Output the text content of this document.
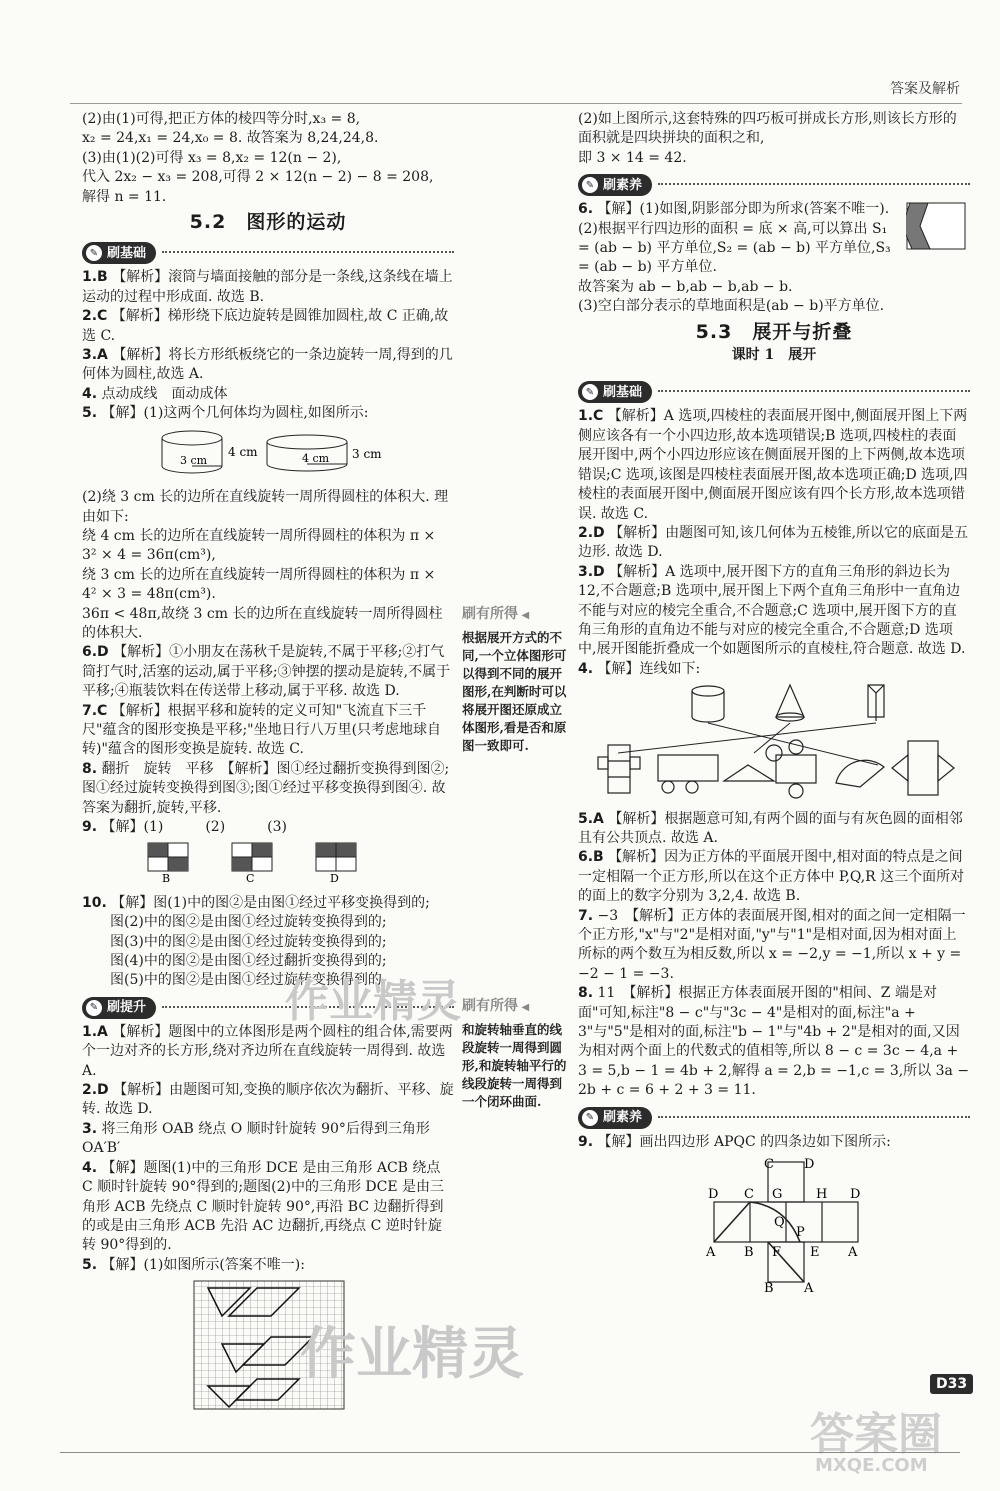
答案及解析

(2)由(1)可得,把正方体的棱四等分时,x₃ = 8,

x₂ = 24,x₁ = 24,x₀ = 8. 故答案为 8,24,24,8.

(3)由(1)(2)可得 x₃ = 8,x₂ = 12(n − 2),

代入 2x₂ − x₃ = 208,可得 2 × 12(n − 2) − 8 = 208,

解得 n = 11.

5.2　图形的运动
✎ 刷基础

1.B 【解析】滚筒与墙面接触的部分是一条线,这条线在墙上运动的过程中形成面. 故选 B.

2.C 【解析】梯形绕下底边旋转是圆锥加圆柱,故 C 正确,故选 C.

3.A 【解析】将长方形纸板绕它的一条边旋转一周,得到的几何体为圆柱,故选 A.

4. 点动成线　面动成体

5. 【解】(1)这两个几何体均为圆柱,如图所示:

3 cm
4 cm	4 cm 3 cm

(2)绕 3 cm 长的边所在直线旋转一周所得圆柱的体积大. 理由如下:

绕 4 cm 长的边所在直线旋转一周所得圆柱的体积为 π × 3² × 4 = 36π(cm³),

绕 3 cm 长的边所在直线旋转一周所得圆柱的体积为 π × 4² × 3 = 48π(cm³).

36π < 48π,故绕 3 cm 长的边所在直线旋转一周所得圆柱的体积大.

6.D 【解析】①小朋友在荡秋千是旋转,不属于平移;②打气筒打气时,活塞的运动,属于平移;③钟摆的摆动是旋转,不属于平移;④瓶装饮料在传送带上移动,属于平移. 故选 D.

7.C 【解析】根据平移和旋转的定义可知"飞流直下三千尺"蕴含的图形变换是平移;"坐地日行八万里(只考虑地球自转)"蕴含的图形变换是旋转. 故选 C.

8. 翻折　旋转　平移　【解析】图①经过翻折变换得到图②;图①经过旋转变换得到图③;图①经过平移变换得到图④. 故答案为翻折,旋转,平移.

9. 【解】(1)　　　(2)　　　(3)

B	C	D

10. 【解】图(1)中的图②是由图①经过平移变换得到的;

图(2)中的图②是由图①经过旋转变换得到的;

图(3)中的图②是由图①经过旋转变换得到的;

图(4)中的图②是由图①经过翻折变换得到的;

图(5)中的图②是由图①经过旋转变换得到的.

✎ 刷提升

1.A 【解析】题图中的立体图形是两个圆柱的组合体,需要两个一边对齐的长方形,绕对齐边所在直线旋转一周得到. 故选 A.

2.D 【解析】由题图可知,变换的顺序依次为翻折、平移、旋转. 故选 D.

3. 将三角形 OAB 绕点 O 顺时针旋转 90°后得到三角形 OA′B′

4. 【解】题图(1)中的三角形 DCE 是由三角形 ACB 绕点 C 顺时针旋转 90°得到的;题图(2)中的三角形 DCE 是由三角形 ACB 先绕点 C 顺时针旋转 90°,再沿 BC 边翻折得到的或是由三角形 ACB 先沿 AC 边翻折,再绕点 C 逆时针旋转 90°得到的.

5. 【解】(1)如图所示(答案不唯一):

刷有所得 ◀
根据展开方式的不同,一个立体图形可以得到不同的展开图形,在判断时可以将展开图还原成立体图形,看是否和原图一致即可.
刷有所得 ◀
和旋转轴垂直的线段旋转一周得到圆形,和旋转轴平行的线段旋转一周得到一个闭环曲面.

(2)如上图所示,这套特殊的四巧板可拼成长方形,则该长方形的面积就是四块拼块的面积之和,

即 3 × 14 = 42.

✎ 刷素养

6. 【解】(1)如图,阴影部分即为所求(答案不唯一).

(2)根据平行四边形的面积 = 底 × 高,可以算出 S₁ = (ab − b) 平方单位,S₂ = (ab − b) 平方单位,S₃ = (ab − b) 平方单位.

故答案为 ab − b,ab − b,ab − b.

(3)空白部分表示的草地面积是(ab − b)平方单位.

5.3　展开与折叠
课时 1　展开
✎ 刷基础

1.C 【解析】A 选项,四棱柱的表面展开图中,侧面展开图上下两侧应该各有一个小四边形,故本选项错误;B 选项,四棱柱的表面展开图中,两个小四边形应该在侧面展开图的上下两侧,故本选项错误;C 选项,该图是四棱柱表面展开图,故本选项正确;D 选项,四棱柱的表面展开图中,侧面展开图应该有四个长方形,故本选项错误. 故选 C.

2.D 【解析】由题图可知,该几何体为五棱锥,所以它的底面是五边形. 故选 D.

3.D 【解析】A 选项中,展开图下方的直角三角形的斜边长为 12,不合题意;B 选项中,展开图上下两个直角三角形中一直角边不能与对应的棱完全重合,不合题意;C 选项中,展开图下方的直角三角形的直角边不能与对应的棱完全重合,不合题意;D 选项中,展开图能折叠成一个如题图所示的直棱柱,符合题意. 故选 D.

4. 【解】连线如下:

5.A 【解析】根据题意可知,有两个圆的面与有灰色圆的面相邻且有公共顶点. 故选 A.

6.B 【解析】因为正方体的平面展开图中,相对面的特点是之间一定相隔一个正方形,所以在这个正方体中 P,Q,R 这三个面所对的面上的数字分别为 3,2,4. 故选 B.

7. −3　【解析】正方体的表面展开图,相对的面之间一定相隔一个正方形,"x"与"2"是相对面,"y"与"1"是相对面,因为相对面上所标的两个数互为相反数,所以 x = −2,y = −1,所以 x + y = −2 − 1 = −3.

8. 11　【解析】根据正方体表面展开图的"相间、Z 端是对面"可知,标注"8 − c"与"3c − 4"是相对的面,标注"a + 3"与"5"是相对的面,标注"b − 1"与"4b + 2"是相对的面,又因为相对两个面上的代数式的值相等,所以 8 − c = 3c − 4,a + 3 = 5,b − 1 = 4b + 2,解得 a = 2,b = −1,c = 3,所以 3a − 2b + c = 6 + 2 + 3 = 11.

✎ 刷素养

9. 【解】画出四边形 APQC 的四条边如下图所示:

C D
D C G	H D
Q
P
A B F E A
B A
作业精灵
作业精灵
答案圈
MXQE.COM
D33
